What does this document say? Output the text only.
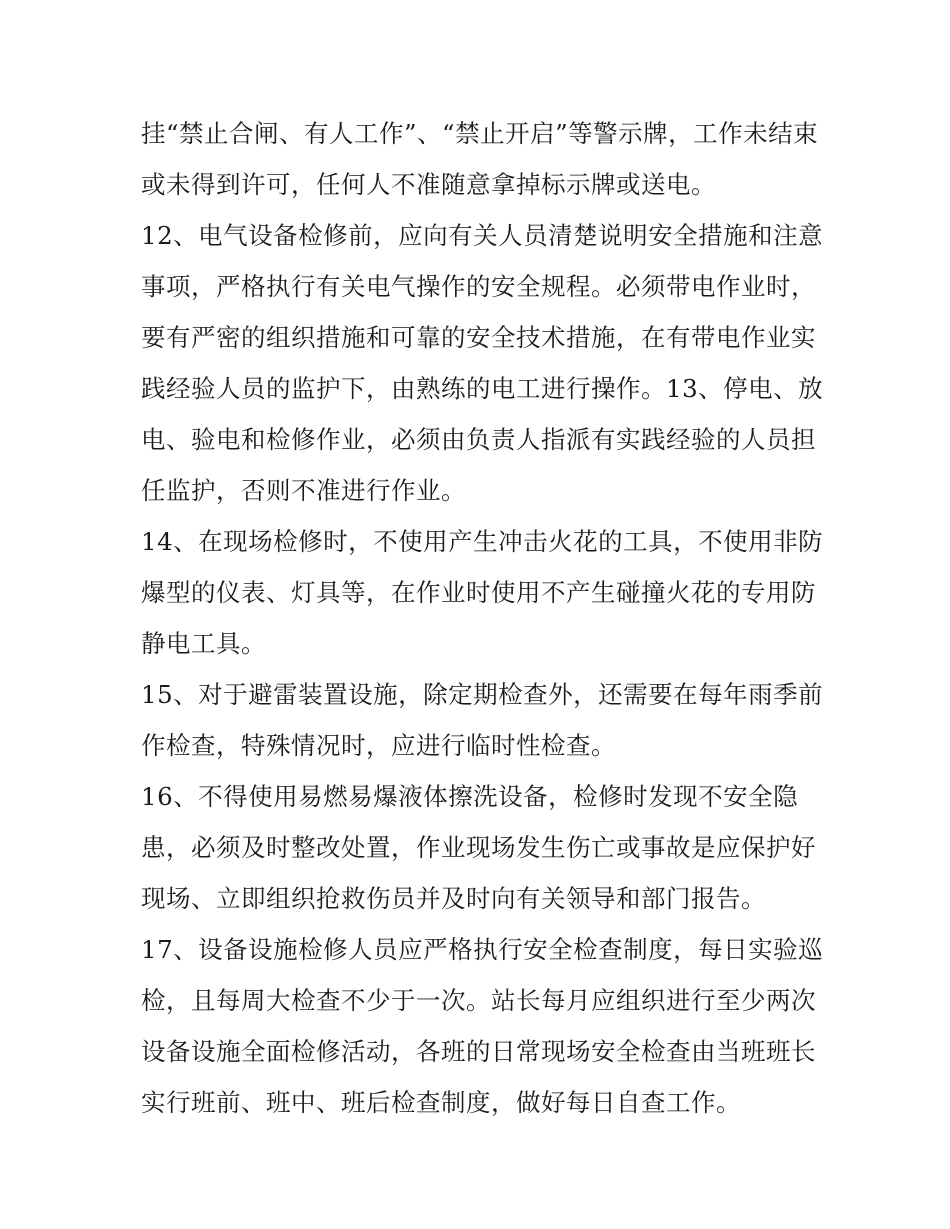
挂“禁止合闸、有人工作”、“禁止开启”等警示牌，工作未结束
或未得到许可，任何人不准随意拿掉标示牌或送电。
12、电气设备检修前，应向有关人员清楚说明安全措施和注意
事项，严格执行有关电气操作的安全规程。必须带电作业时，
要有严密的组织措施和可靠的安全技术措施，在有带电作业实
践经验人员的监护下，由熟练的电工进行操作。13、停电、放
电、验电和检修作业，必须由负责人指派有实践经验的人员担
任监护，否则不准进行作业。
14、在现场检修时，不使用产生冲击火花的工具，不使用非防
爆型的仪表、灯具等，在作业时使用不产生碰撞火花的专用防
静电工具。
15、对于避雷装置设施，除定期检查外，还需要在每年雨季前
作检查，特殊情况时，应进行临时性检查。
16、不得使用易燃易爆液体擦洗设备，检修时发现不安全隐
患，必须及时整改处置，作业现场发生伤亡或事故是应保护好
现场、立即组织抢救伤员并及时向有关领导和部门报告。
17、设备设施检修人员应严格执行安全检查制度，每日实验巡
检，且每周大检查不少于一次。站长每月应组织进行至少两次
设备设施全面检修活动，各班的日常现场安全检查由当班班长
实行班前、班中、班后检查制度，做好每日自查工作。
